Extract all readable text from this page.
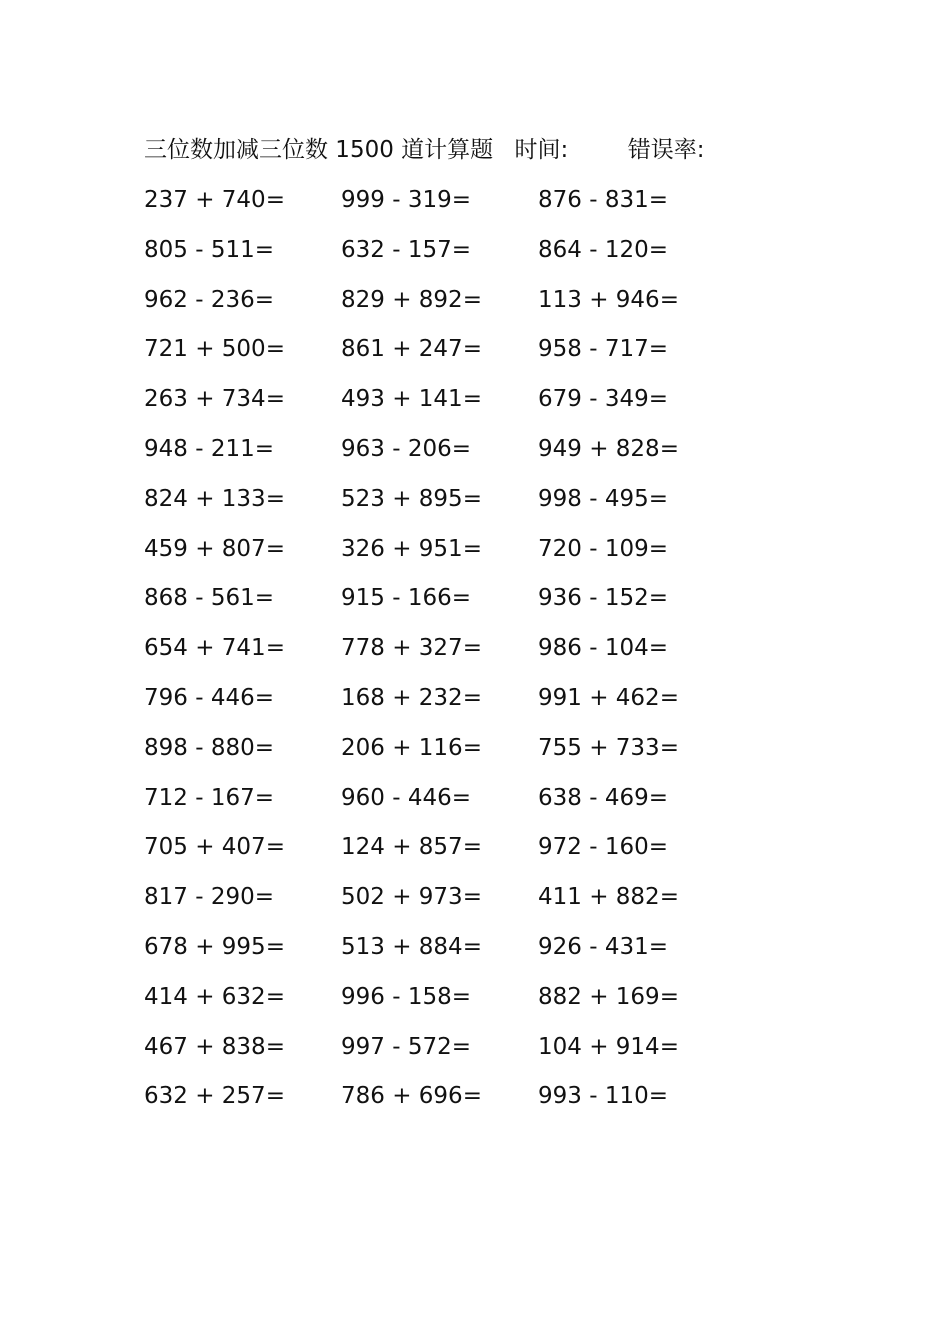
三位数加减三位数 1500 道计算题 时间:	错误率:
237 + 740=	999 - 319=	876 - 831=
805 - 511=	632 - 157=	864 - 120=
962 - 236=	829 + 892=	113 + 946=
721 + 500=	861 + 247=	958 - 717=
263 + 734=	493 + 141=	679 - 349=
948 - 211=	963 - 206=	949 + 828=
824 + 133=	523 + 895=	998 - 495=
459 + 807=	326 + 951=	720 - 109=
868 - 561=	915 - 166=	936 - 152=
654 + 741=	778 + 327=	986 - 104=
796 - 446=	168 + 232=	991 + 462=
898 - 880=	206 + 116=	755 + 733=
712 - 167=	960 - 446=	638 - 469=
705 + 407=	124 + 857=	972 - 160=
817 - 290=	502 + 973=	411 + 882=
678 + 995=	513 + 884=	926 - 431=
414 + 632=	996 - 158=	882 + 169=
467 + 838=	997 - 572=	104 + 914=
632 + 257=	786 + 696=	993 - 110=
